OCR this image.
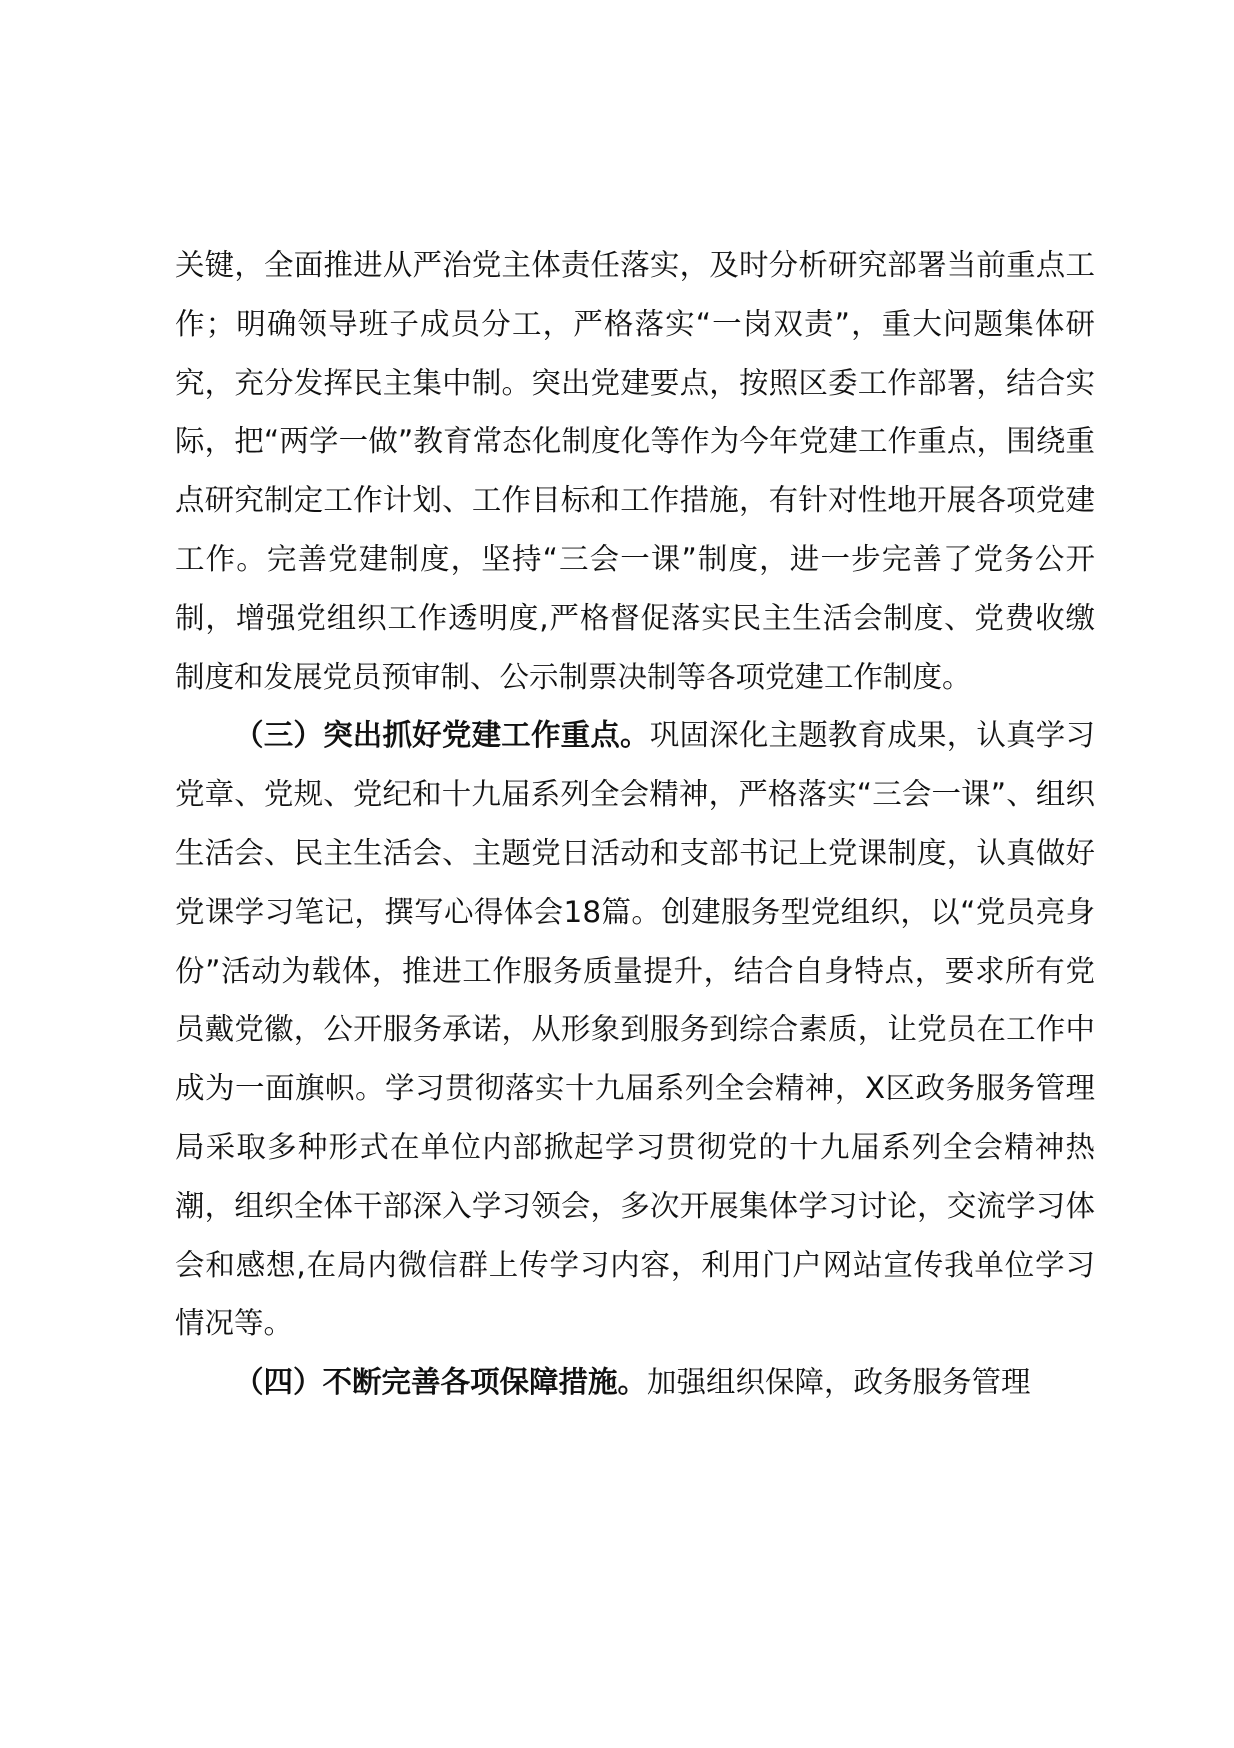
关键，全面推进从严治党主体责任落实，及时分析研究部署当前重点工作；明确领导班子成员分工，严格落实“一岗双责”，重大问题集体研究，充分发挥民主集中制。突出党建要点，按照区委工作部署，结合实际，把“两学一做”教育常态化制度化等作为今年党建工作重点，围绕重点研究制定工作计划、工作目标和工作措施，有针对性地开展各项党建工作。完善党建制度，坚持“三会一课”制度，进一步完善了党务公开制，增强党组织工作透明度,严格督促落实民主生活会制度、党费收缴制度和发展党员预审制、公示制票决制等各项党建工作制度。

（三）突出抓好党建工作重点。巩固深化主题教育成果，认真学习党章、党规、党纪和十九届系列全会精神，严格落实“三会一课”、组织生活会、民主生活会、主题党日活动和支部书记上党课制度，认真做好党课学习笔记，撰写心得体会18篇。创建服务型党组织，以“党员亮身份”活动为载体，推进工作服务质量提升，结合自身特点，要求所有党员戴党徽，公开服务承诺，从形象到服务到综合素质，让党员在工作中成为一面旗帜。学习贯彻落实十九届系列全会精神，X区政务服务管理局采取多种形式在单位内部掀起学习贯彻党的十九届系列全会精神热潮，组织全体干部深入学习领会，多次开展集体学习讨论，交流学习体会和感想,在局内微信群上传学习内容，利用门户网站宣传我单位学习情况等。

（四）不断完善各项保障措施。加强组织保障，政务服务管理
